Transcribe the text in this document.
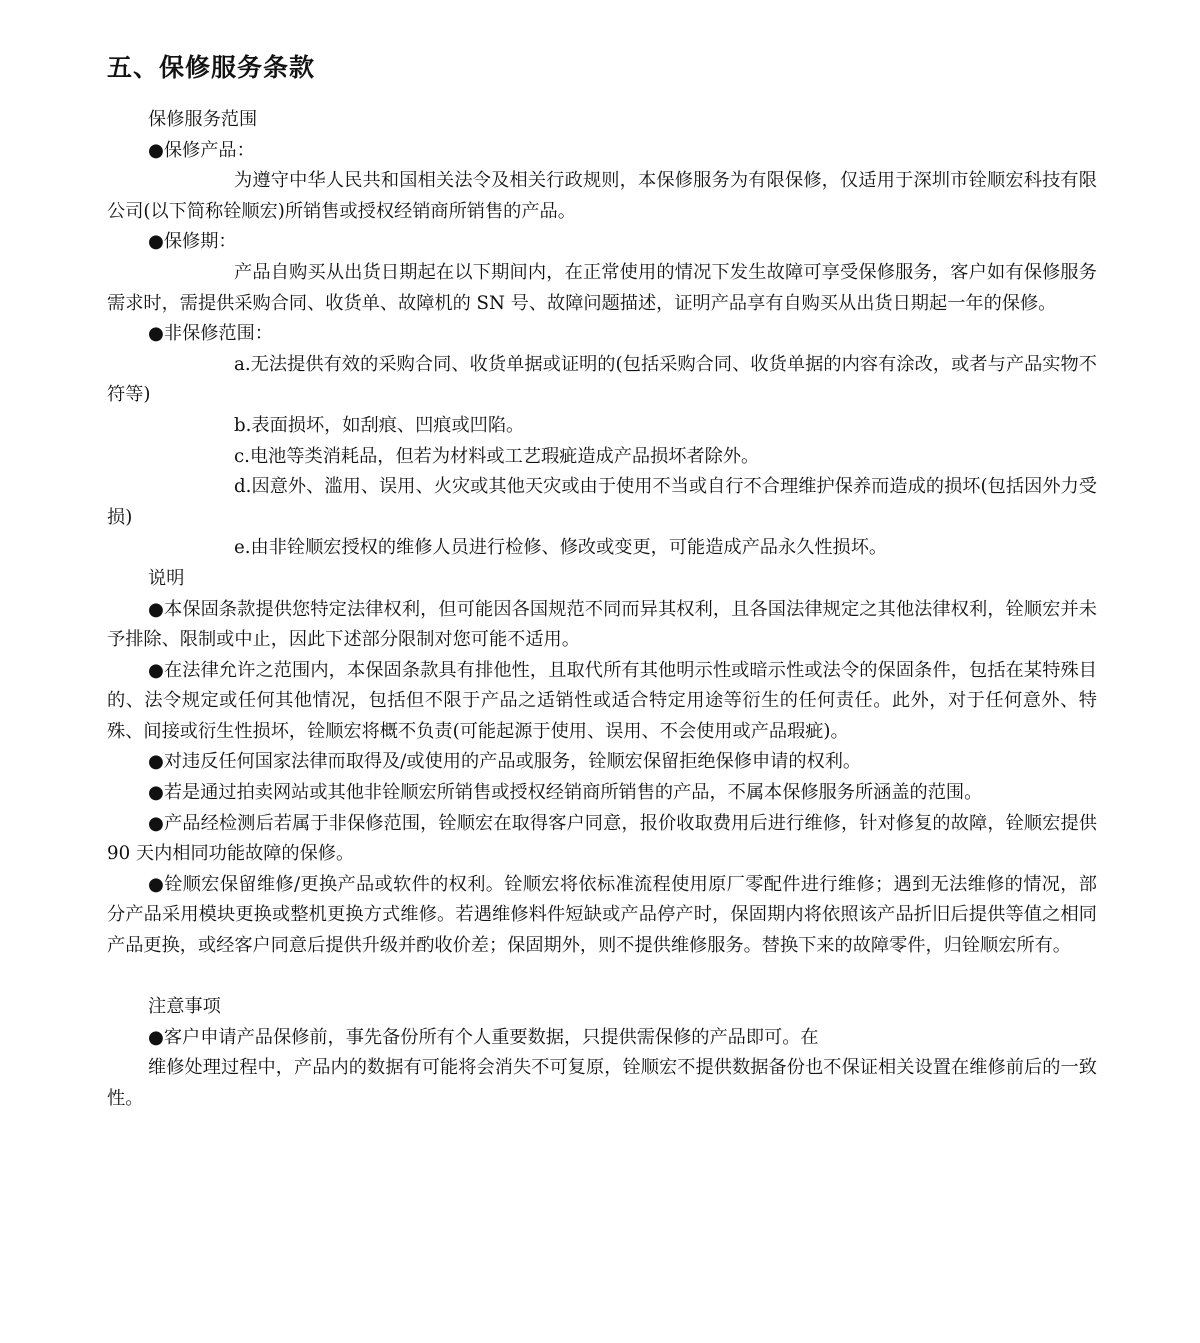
五、保修服务条款

保修服务范围

●保修产品：

为遵守中华人民共和国相关法令及相关行政规则，本保修服务为有限保修，仅适用于深圳市铨顺宏科技有限公司(以下简称铨顺宏)所销售或授权经销商所销售的产品。

●保修期：

产品自购买从出货日期起在以下期间内，在正常使用的情况下发生故障可享受保修服务，客户如有保修服务需求时，需提供采购合同、收货单、故障机的 SN 号、故障问题描述，证明产品享有自购买从出货日期起一年的保修。

●非保修范围：

a.无法提供有效的采购合同、收货单据或证明的(包括采购合同、收货单据的内容有涂改，或者与产品实物不符等)

b.表面损坏，如刮痕、凹痕或凹陷。

c.电池等类消耗品，但若为材料或工艺瑕疵造成产品损坏者除外。

d.因意外、滥用、误用、火灾或其他天灾或由于使用不当或自行不合理维护保养而造成的损坏(包括因外力受损)

e.由非铨顺宏授权的维修人员进行检修、修改或变更，可能造成产品永久性损坏。

说明

●本保固条款提供您特定法律权利，但可能因各国规范不同而异其权利，且各国法律规定之其他法律权利，铨顺宏并未予排除、限制或中止，因此下述部分限制对您可能不适用。

●在法律允许之范围内，本保固条款具有排他性，且取代所有其他明示性或暗示性或法令的保固条件，包括在某特殊目的、法令规定或任何其他情况，包括但不限于产品之适销性或适合特定用途等衍生的任何责任。此外，对于任何意外、特殊、间接或衍生性损坏，铨顺宏将概不负责(可能起源于使用、误用、不会使用或产品瑕疵)。

●对违反任何国家法律而取得及/或使用的产品或服务，铨顺宏保留拒绝保修申请的权利。

●若是通过拍卖网站或其他非铨顺宏所销售或授权经销商所销售的产品，不属本保修服务所涵盖的范围。

●产品经检测后若属于非保修范围，铨顺宏在取得客户同意，报价收取费用后进行维修，针对修复的故障，铨顺宏提供 90 天内相同功能故障的保修。

●铨顺宏保留维修/更换产品或软件的权利。铨顺宏将依标准流程使用原厂零配件进行维修；遇到无法维修的情况，部分产品采用模块更换或整机更换方式维修。若遇维修料件短缺或产品停产时，保固期内将依照该产品折旧后提供等值之相同产品更换，或经客户同意后提供升级并酌收价差；保固期外，则不提供维修服务。替换下来的故障零件，归铨顺宏所有。

注意事项

●客户申请产品保修前，事先备份所有个人重要数据，只提供需保修的产品即可。在

维修处理过程中，产品内的数据有可能将会消失不可复原，铨顺宏不提供数据备份也不保证相关设置在维修前后的一致性。
